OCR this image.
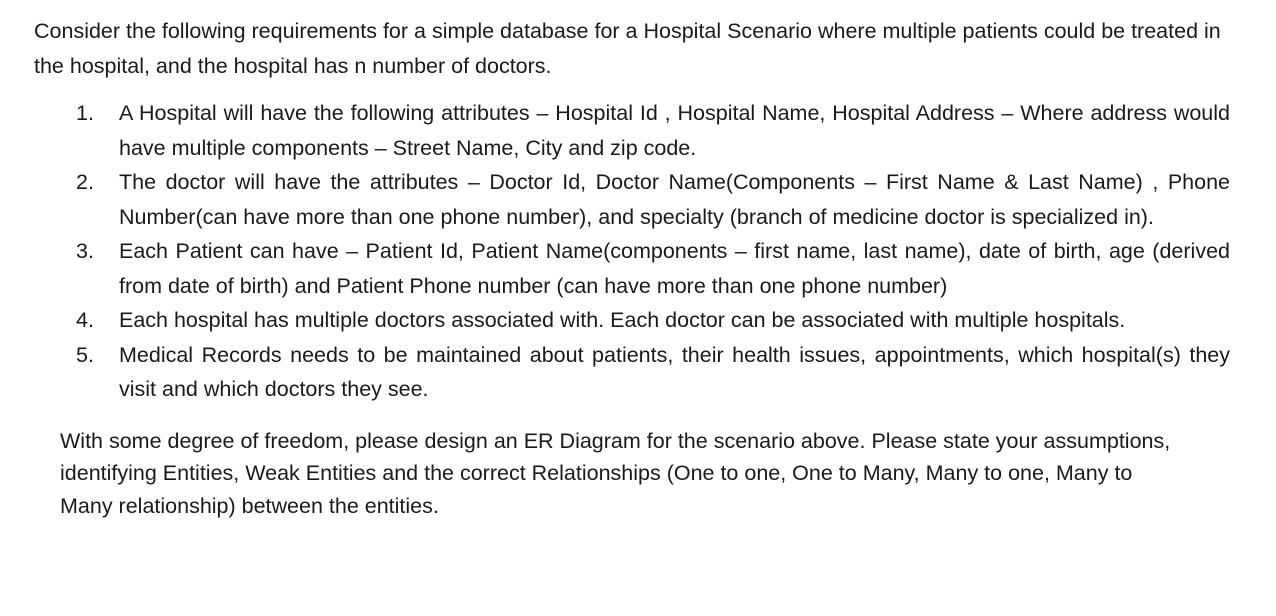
Consider the following requirements for a simple database for a Hospital Scenario where multiple patients could be treated in the hospital, and the hospital has n number of doctors.

1.	A Hospital will have the following attributes – Hospital Id , Hospital Name, Hospital Address – Where address would have multiple components – Street Name, City and zip code.
2.	The doctor will have the attributes – Doctor Id, Doctor Name(Components – First Name & Last Name) , Phone Number(can have more than one phone number), and specialty (branch of medicine doctor is specialized in).
3.	Each Patient can have – Patient Id, Patient Name(components – first name, last name), date of birth, age (derived from date of birth) and Patient Phone number (can have more than one phone number)
4.	Each hospital has multiple doctors associated with. Each doctor can be associated with multiple hospitals.
5.	Medical Records needs to be maintained about patients, their health issues, appointments, which hospital(s) they visit and which doctors they see.

With some degree of freedom, please design an ER Diagram for the scenario above. Please state your assumptions, identifying Entities, Weak Entities and the correct Relationships (One to one, One to Many, Many to one, Many to Many relationship) between the entities.
